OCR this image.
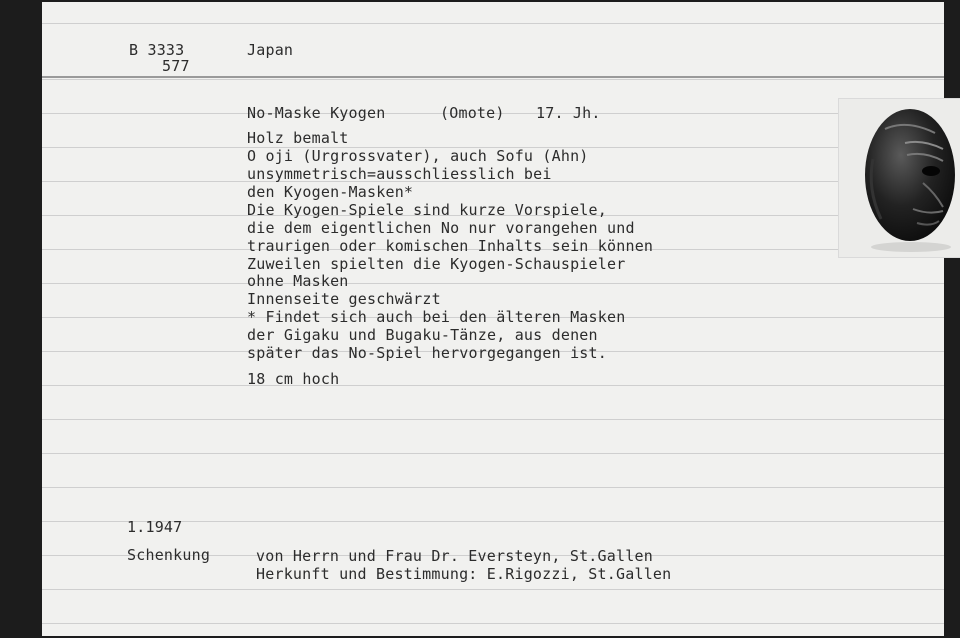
B 3333
577
Japan
No-Maske Kyogen	(Omote) 17. Jh.
Holz bemalt
O oji (Urgrossvater), auch Sofu (Ahn)
unsymmetrisch=ausschliesslich bei
den Kyogen-Masken*
Die Kyogen-Spiele sind kurze Vorspiele,
die dem eigentlichen No nur vorangehen und
traurigen oder komischen Inhalts sein können
Zuweilen spielten die Kyogen-Schauspieler
ohne Masken
Innenseite geschwärzt
* Findet sich auch bei den älteren Masken
der Gigaku und Bugaku-Tänze, aus denen
später das No-Spiel hervorgegangen ist.
18 cm hoch
1.1947
Schenkung	von Herrn und Frau Dr. Eversteyn, St.Gallen
Herkunft und Bestimmung: E.Rigozzi, St.Gallen
